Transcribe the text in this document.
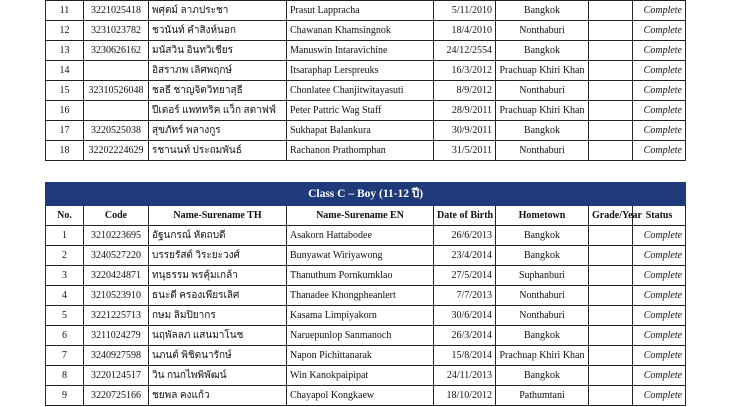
11	3221025418	พศุตม์ ลาภประชา	Prasut Lappracha	5/11/2010	Bangkok		Complete
12	3231023782	ชวนันท์ คำสิงห์นอก	Chawanan Khamsingnok	18/4/2010	Nonthaburi		Complete
13	3230626162	มนัสวิน อินทวิเชียร	Manuswin Intaravichine	24/12/2554	Bangkok		Complete
14		อิสราภพ เลิศพฤกษ์	Itsaraphap Lerspreuks	16/3/2012	Prachuap Khiri Khan		Complete
15	32310526048	ชลธี ชาญจิตวิทยาสุธี	Chonlatee Chanjitwitayasuti	8/9/2012	Nonthaburi		Complete
16		ปีเตอร์ แพททริค แว็ก สตาฟฟ์	Peter Pattric Wag Staff	28/9/2011	Prachuap Khiri Khan		Complete
17	3220525038	สุขภัทร์ พลางกูร	Sukhapat Balankura	30/9/2011	Bangkok		Complete
18	32202224629	รชานนท์ ประถมพันธ์	Rachanon Prathomphan	31/5/2011	Nonthaburi		Complete
Class C – Boy (11-12 ปี)							
No.	Code	Name-Surename TH	Name-Surename EN	Date of Birth	Hometown	Grade/Year	Status
1	3210223695	อัฐนกรณ์ หัตถบดี	Asakorn Hattabodee	26/6/2013	Bangkok		Complete
2	3240527220	บรรยรัสต์ วิระยะวงศ์	Bunyawat Wiriyawong	23/4/2014	Bangkok		Complete
3	3220424871	ทนุธรรม พรคุ้มเกล้า	Thanuthum Pornkumklao	27/5/2014	Suphanburi		Complete
4	3210523910	ธนะดี ครองเพียรเลิศ	Thanadee Khongpheanlert	7/7/2013	Nonthaburi		Complete
5	3221225713	กษม ลิมปิยากร	Kasama Limpiyakorn	30/6/2014	Nonthaburi		Complete
6	3211024279	นฤพัลลภ แสนมาโนช	Naruepunlop Sanmanoch	26/3/2014	Bangkok		Complete
7	3240927598	นภนต์ พิชิตนารักษ์	Napon Pichittanarak	15/8/2014	Prachuap Khiri Khan		Complete
8	3220124517	วิน กนกไพพิพัฒน์	Win Kanokpaipipat	24/11/2013	Bangkok		Complete
9	3220725166	ชยพล คงแก้ว	Chayapol Kongkaew	18/10/2012	Pathumtani		Complete
